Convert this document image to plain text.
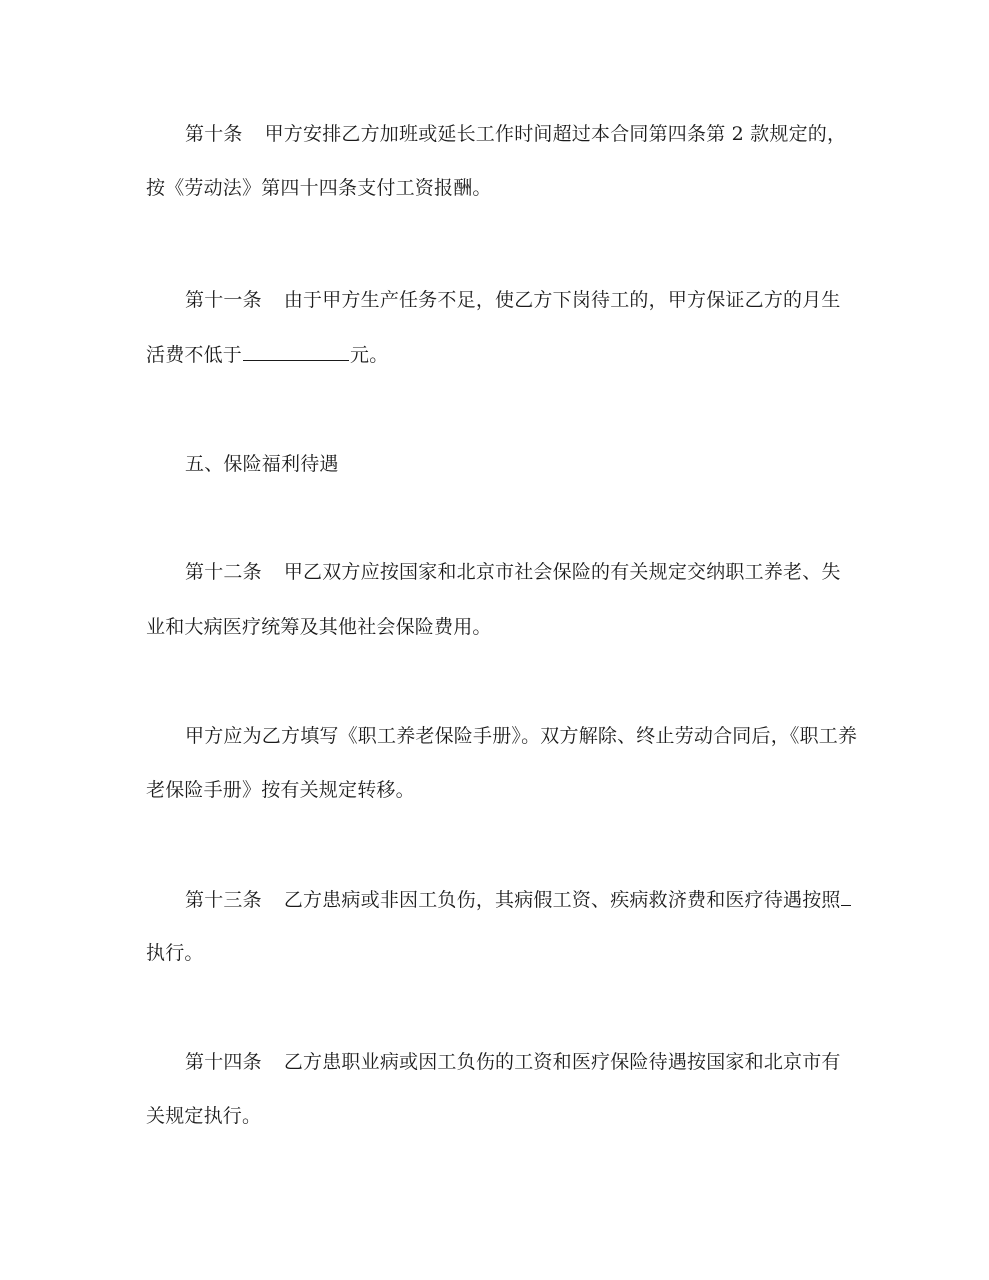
第十条 甲方安排乙方加班或延长工作时间超过本合同第四条第 2 款规定的，
按《劳动法》第四十四条支付工资报酬。
第十一条 由于甲方生产任务不足，使乙方下岗待工的，甲方保证乙方的月生
活费不低于	元。
五、保险福利待遇
第十二条 甲乙双方应按国家和北京市社会保险的有关规定交纳职工养老、失
业和大病医疗统筹及其他社会保险费用。
甲方应为乙方填写《职工养老保险手册》。双方解除、终止劳动合同后，《职工养
老保险手册》按有关规定转移。
第十三条 乙方患病或非因工负伤，其病假工资、疾病救济费和医疗待遇按照
执行。
第十四条 乙方患职业病或因工负伤的工资和医疗保险待遇按国家和北京市有
关规定执行。
